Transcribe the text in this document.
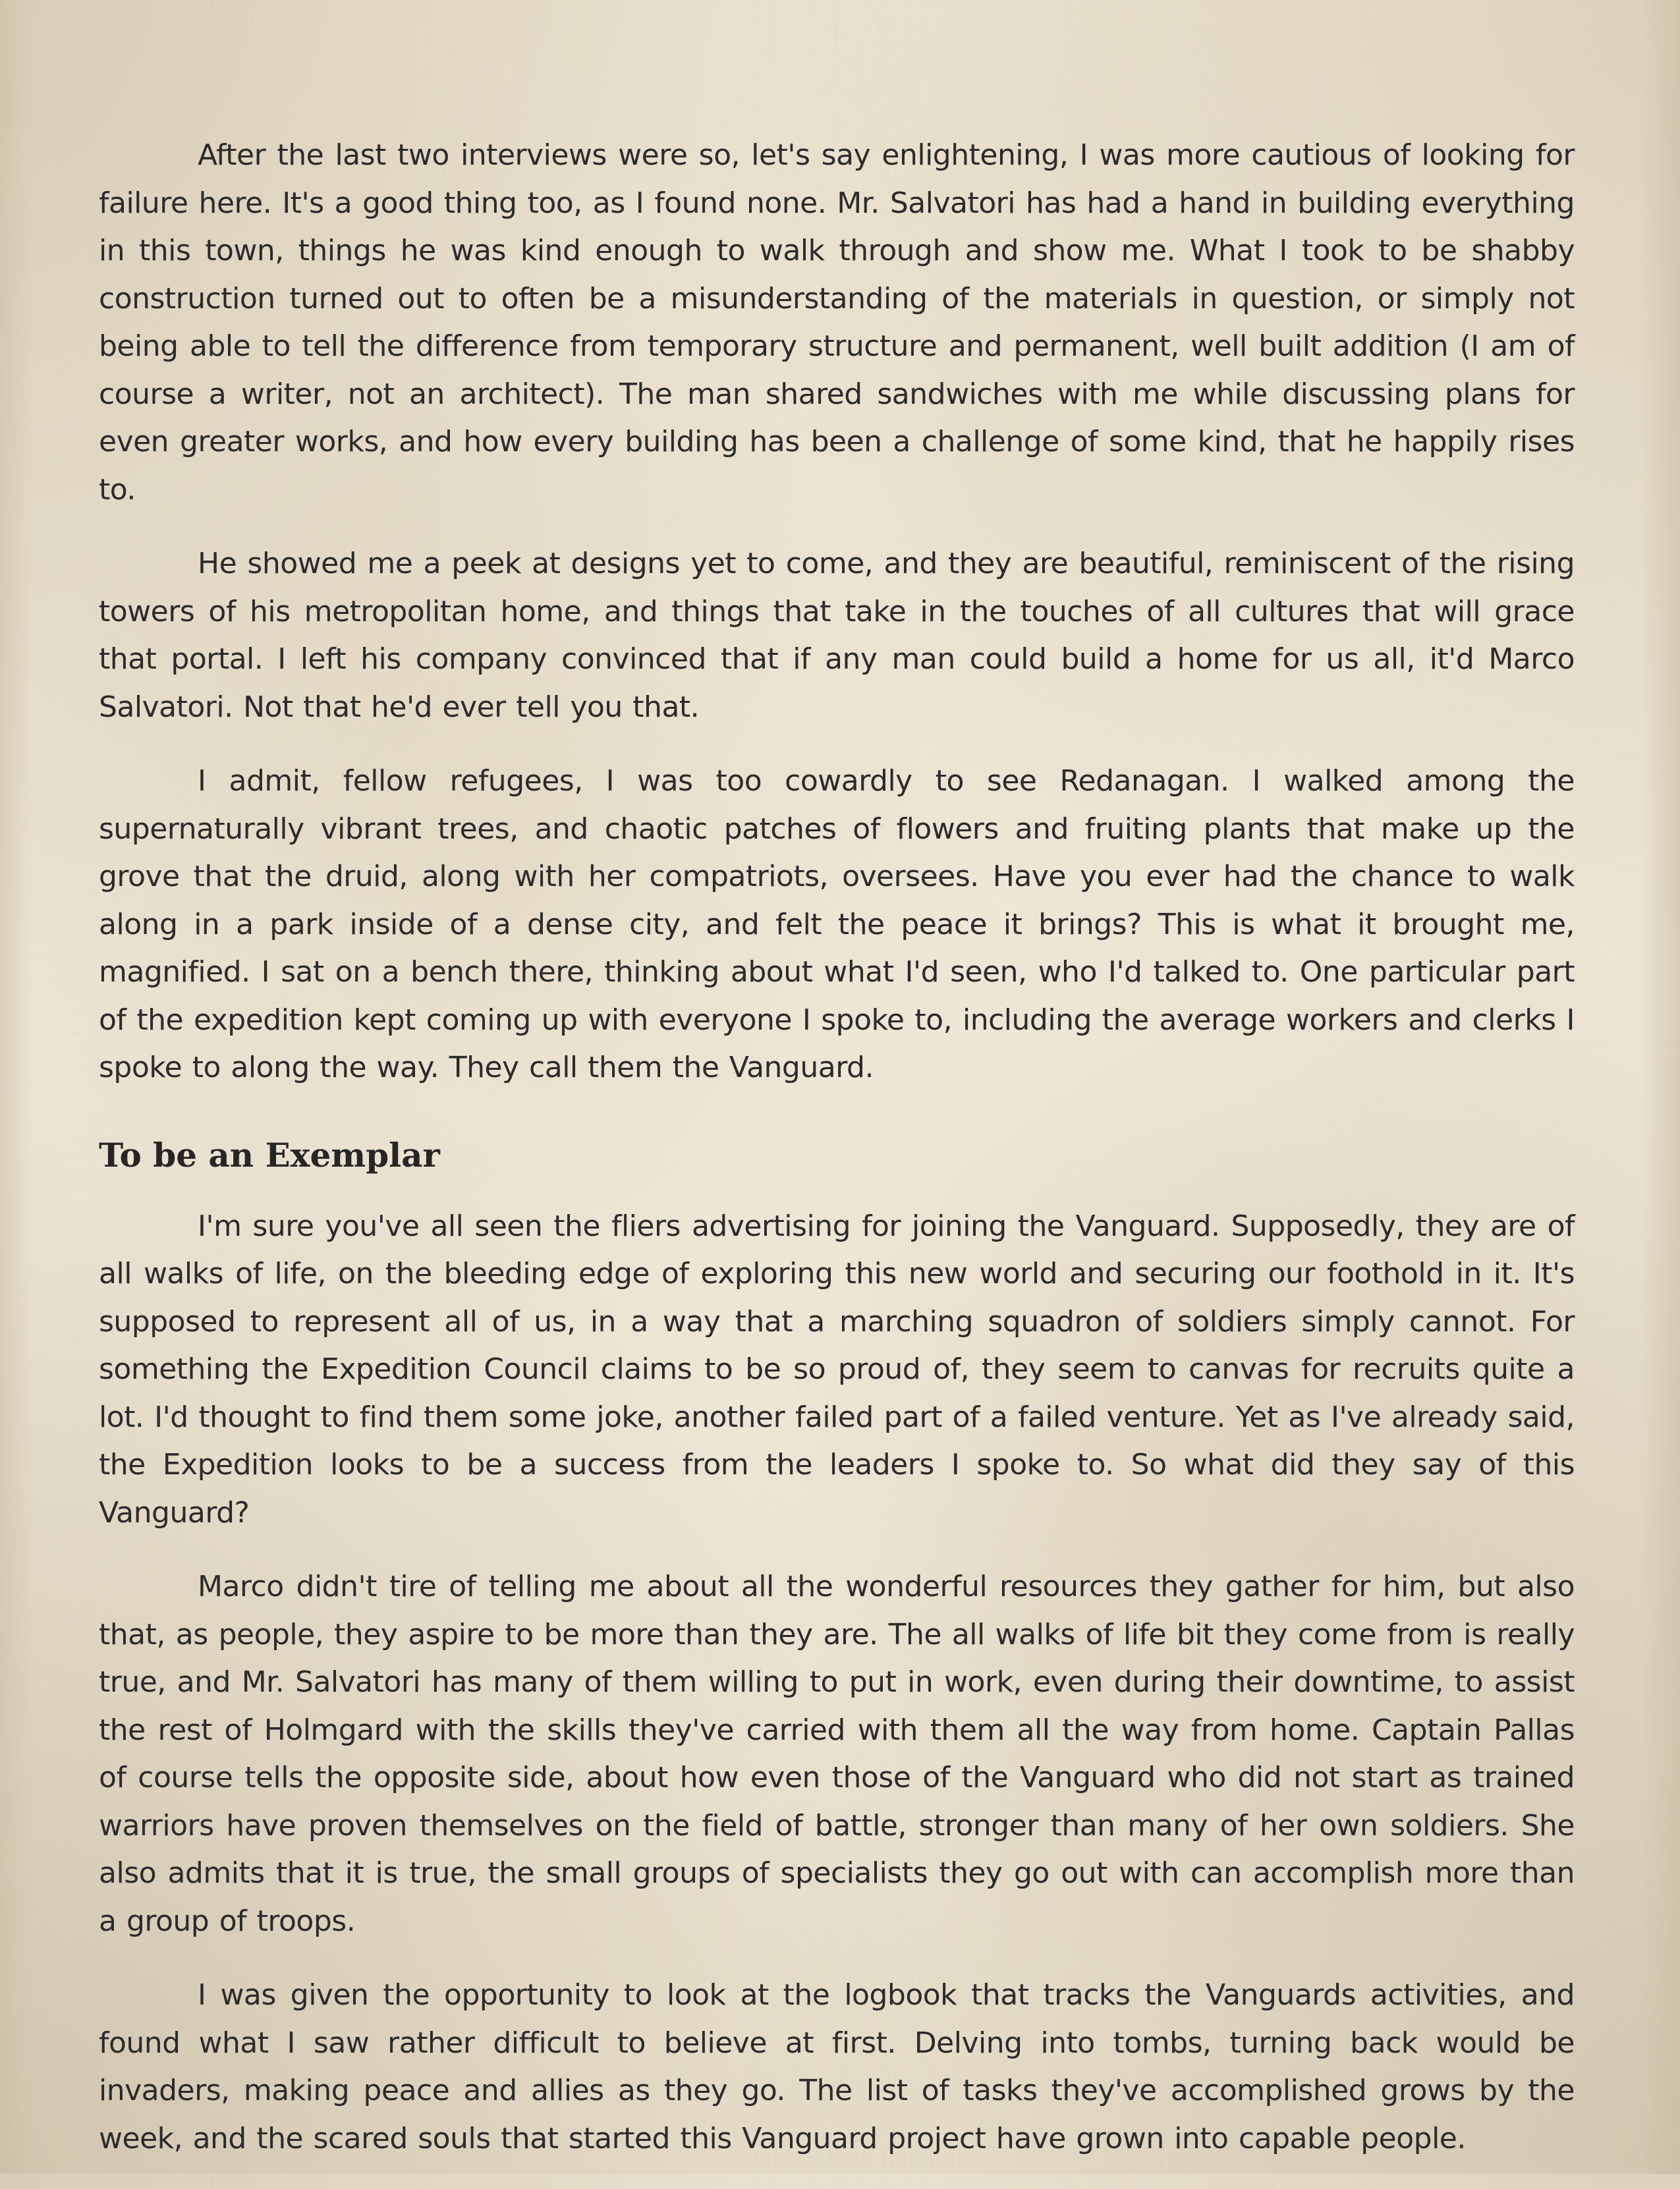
After the last two interviews were so, let's say enlightening, I was more cautious of looking for failure here. It's a good thing too, as I found none. Mr. Salvatori has had a hand in building everything in this town, things he was kind enough to walk through and show me. What I took to be shabby construction turned out to often be a misunderstanding of the materials in question, or simply not being able to tell the difference from temporary structure and permanent, well built addition (I am of course a writer, not an architect). The man shared sandwiches with me while discussing plans for even greater works, and how every building has been a challenge of some kind, that he happily rises to.

He showed me a peek at designs yet to come, and they are beautiful, reminiscent of the rising towers of his metropolitan home, and things that take in the touches of all cultures that will grace that portal. I left his company convinced that if any man could build a home for us all, it'd Marco Salvatori. Not that he'd ever tell you that.

I admit, fellow refugees, I was too cowardly to see Redanagan. I walked among the supernaturally vibrant trees, and chaotic patches of flowers and fruiting plants that make up the grove that the druid, along with her compatriots, oversees. Have you ever had the chance to walk along in a park inside of a dense city, and felt the peace it brings? This is what it brought me, magnified. I sat on a bench there, thinking about what I'd seen, who I'd talked to. One particular part of the expedition kept coming up with everyone I spoke to, including the average workers and clerks I spoke to along the way. They call them the Vanguard.

To be an Exemplar

I'm sure you've all seen the fliers advertising for joining the Vanguard. Supposedly, they are of all walks of life, on the bleeding edge of exploring this new world and securing our foothold in it. It's supposed to represent all of us, in a way that a marching squadron of soldiers simply cannot. For something the Expedition Council claims to be so proud of, they seem to canvas for recruits quite a lot. I'd thought to find them some joke, another failed part of a failed venture. Yet as I've already said, the Expedition looks to be a success from the leaders I spoke to. So what did they say of this Vanguard?

Marco didn't tire of telling me about all the wonderful resources they gather for him, but also that, as people, they aspire to be more than they are. The all walks of life bit they come from is really true, and Mr. Salvatori has many of them willing to put in work, even during their downtime, to assist the rest of Holmgard with the skills they've carried with them all the way from home. Captain Pallas of course tells the opposite side, about how even those of the Vanguard who did not start as trained warriors have proven themselves on the field of battle, stronger than many of her own soldiers. She also admits that it is true, the small groups of specialists they go out with can accomplish more than a group of troops.

I was given the opportunity to look at the logbook that tracks the Vanguards activities, and found what I saw rather difficult to believe at first. Delving into tombs, turning back would be invaders, making peace and allies as they go. The list of tasks they've accomplished grows by the week, and the scared souls that started this Vanguard project have grown into capable people.
